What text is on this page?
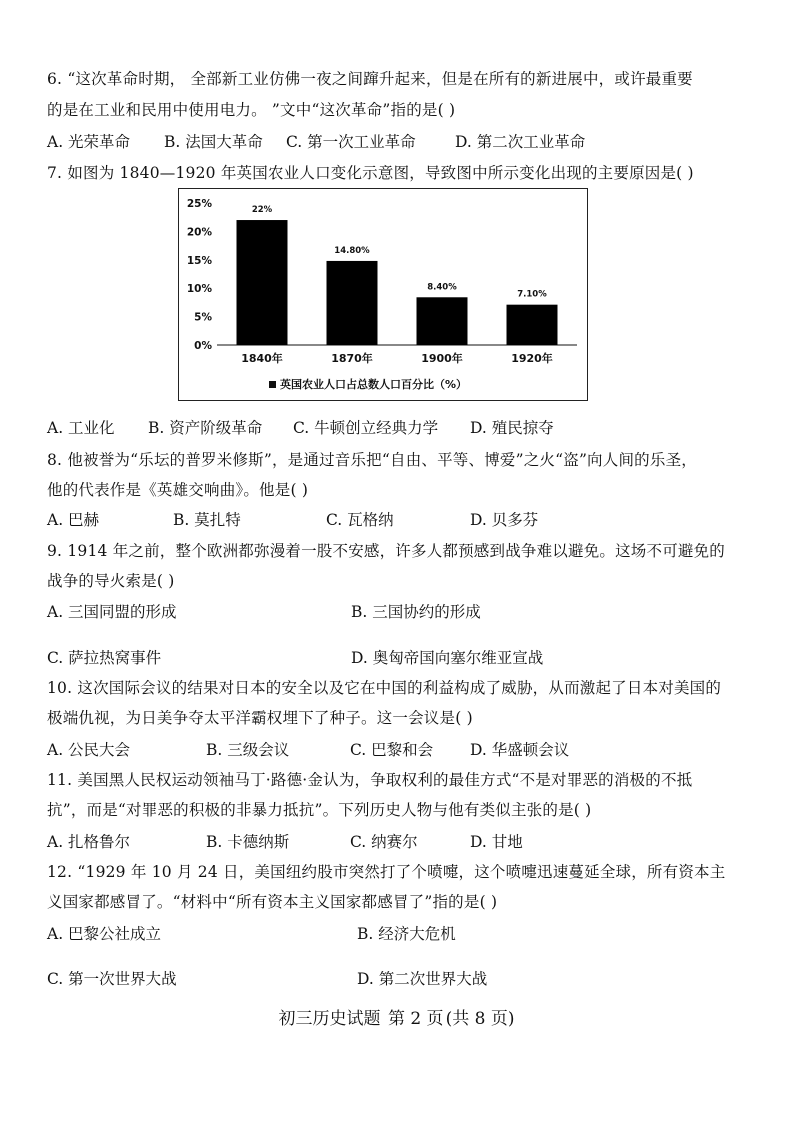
6. “这次革命时期， 全部新工业仿佛一夜之间蹿升起来，但是在所有的新进展中，或许最重要
的是在工业和民用中使用电力。 ”文中“这次革命”指的是( )
A. 光荣革命 B. 法国大革命 C. 第一次工业革命	D. 第二次工业革命
7. 如图为 1840—1920 年英国农业人口变化示意图，导致图中所示变化出现的主要原因是( )
0%
5%
10%
15%
20%
25%
22%
1840年
14.80%
1870年
8.40%
1900年
7.10%
1920年
英国农业人口占总数人口百分比（%）
A. 工业化 B. 资产阶级革命 C. 牛顿创立经典力学 D. 殖民掠夺
8. 他被誉为“乐坛的普罗米修斯”，是通过音乐把“自由、平等、博爱”之火“盗”向人间的乐圣，
他的代表作是《英雄交响曲》。他是( )
A. 巴赫	B. 莫扎特	C. 瓦格纳	D. 贝多芬
9. 1914 年之前，整个欧洲都弥漫着一股不安感，许多人都预感到战争难以避免。这场不可避免的
战争的导火索是( )
A. 三国同盟的形成	B. 三国协约的形成
C. 萨拉热窝事件	D. 奥匈帝国向塞尔维亚宣战
10. 这次国际会议的结果对日本的安全以及它在中国的利益构成了威胁，从而激起了日本对美国的
极端仇视，为日美争夺太平洋霸权埋下了种子。这一会议是( )
A. 公民大会	B. 三级会议	C. 巴黎和会 D. 华盛顿会议
11. 美国黑人民权运动领袖马丁·路德·金认为，争取权利的最佳方式“不是对罪恶的消极的不抵
抗”，而是“对罪恶的积极的非暴力抵抗”。下列历史人物与他有类似主张的是( )
A. 扎格鲁尔	B. 卡德纳斯	C. 纳赛尔	D. 甘地
12. “1929 年 10 月 24 日，美国纽约股市突然打了个喷嚏，这个喷嚏迅速蔓延全球，所有资本主
义国家都感冒了。“材料中“所有资本主义国家都感冒了”指的是( )
A. 巴黎公社成立	B. 经济大危机
C. 第一次世界大战	D. 第二次世界大战
初三历史试题 第 2 页 (共 8 页)
